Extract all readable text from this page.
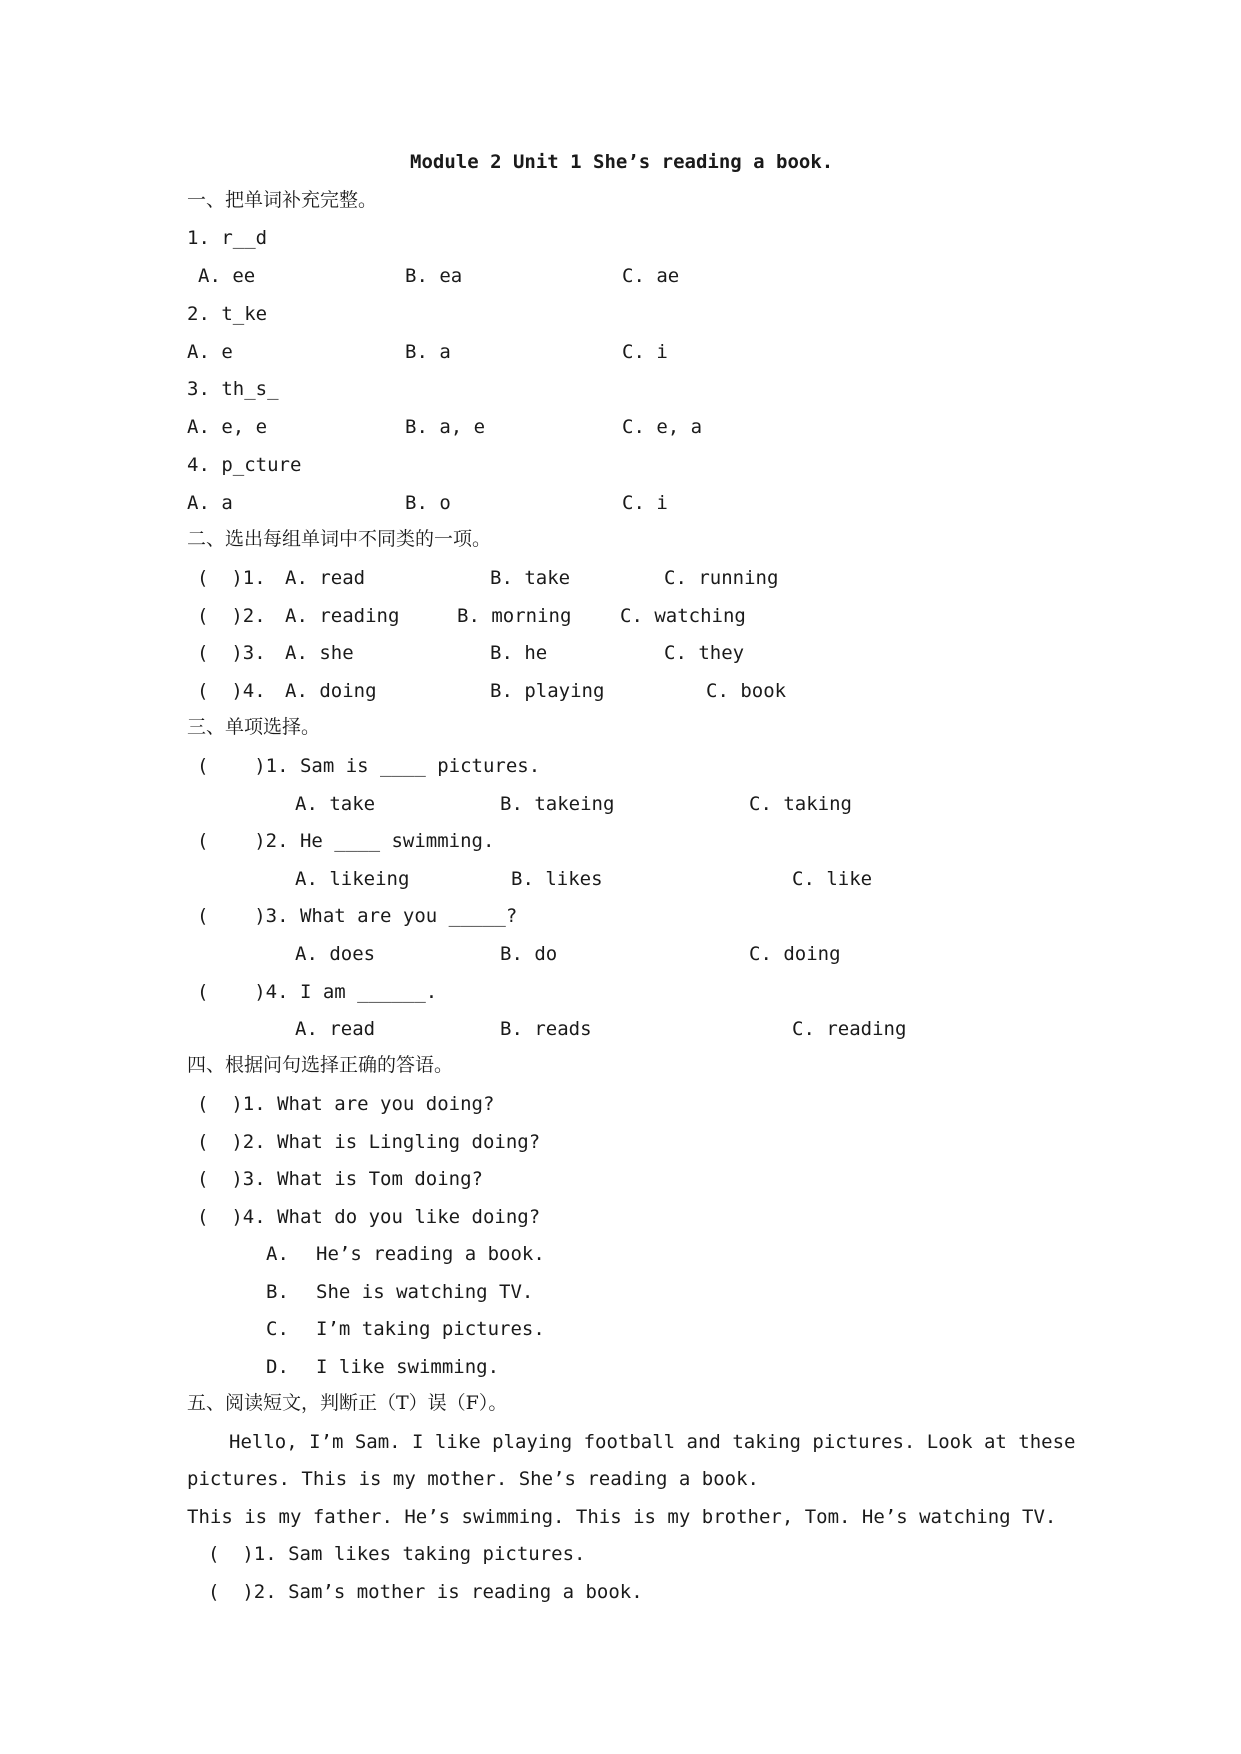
Module 2 Unit 1 She’s reading a book.
一、把单词补充完整。
1. r__d
A. ee	B. ea	C. ae
2. t_ke
A. e	B. a	C. i
3. th_s_
A. e, e	B. a, e	C. e, a
4. p_cture
A. a	B. o	C. i
二、选出每组单词中不同类的一项。
(  )1. A. read	B. take	C. running
(  )2. A. reading	B. morning	C. watching
(  )3. A. she	B. he	C. they
(  )4. A. doing	B. playing	C. book
三、单项选择。
(    )1. Sam is ____ pictures.
A. take	B. takeing	C. taking
(    )2. He ____ swimming.
A. likeing	B. likes	C. like
(    )3. What are you _____?
A. does	B. do	C. doing
(    )4. I am ______.
A. read	B. reads	C. reading
四、根据问句选择正确的答语。
(  )1. What are you doing?
(  )2. What is Lingling doing?
(  )3. What is Tom doing?
(  )4. What do you like doing?
A. He’s reading a book.
B. She is watching TV.
C. I’m taking pictures.
D. I like swimming.
五、阅读短文，判断正（T）误（F）。
Hello, I’m Sam. I like playing football and taking pictures. Look at these
pictures. This is my mother. She’s reading a book.
This is my father. He’s swimming. This is my brother, Tom. He’s watching TV.
(  )1. Sam likes taking pictures.
(  )2. Sam’s mother is reading a book.
